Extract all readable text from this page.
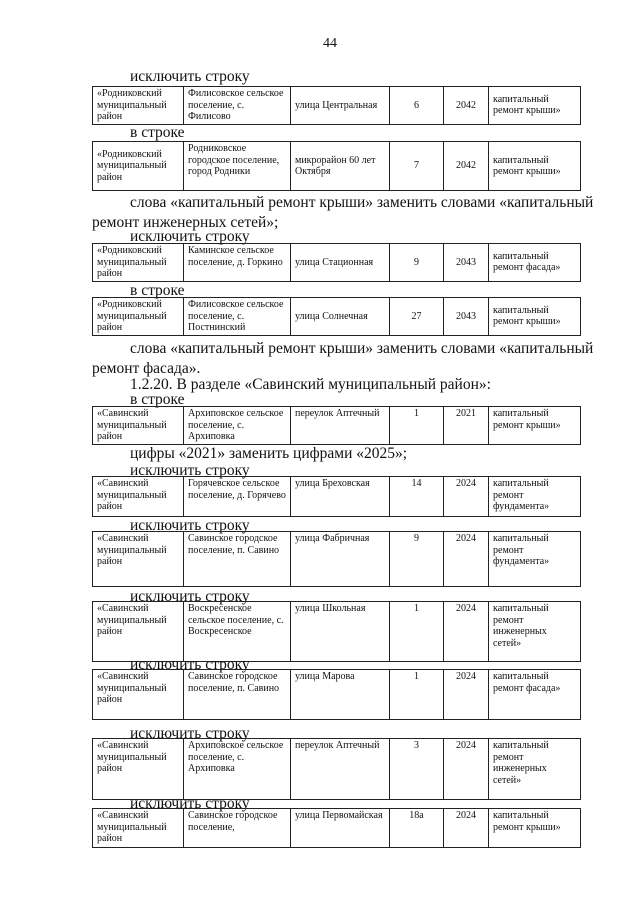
44
исключить строку
«Родниковский муниципальный район	Филисовское сельское поселение, с. Филисово	улица Центральная	6	2042	капитальный ремонт крыши»
в строке
«Родниковский муниципальный район	Родниковское городское поселение, город Родники	микрорайон 60 лет Октября	7	2042	капитальный ремонт крыши»
слова «капитальный ремонт крыши» заменить словами «капитальный
ремонт инженерных сетей»;
исключить строку
«Родниковский муниципальный район	Каминское сельское поселение, д. Горкино	улица Стационная	9	2043	капитальный ремонт фасада»
в строке
«Родниковский муниципальный район	Филисовское сельское поселение, с. Постнинский	улица Солнечная	27	2043	капитальный ремонт крыши»
слова «капитальный ремонт крыши» заменить словами «капитальный
ремонт фасада».
1.2.20. В разделе «Савинский муниципальный район»:
в строке
«Савинский муниципальный район	Архиповское сельское поселение, с. Архиповка	переулок Аптечный	1	2021	капитальный ремонт крыши»
цифры «2021» заменить цифрами «2025»;
исключить строку
«Савинский муниципальный район	Горячевское сельское поселение, д. Горячево	улица Бреховская	14	2024	капитальный ремонт фундамента»
исключить строку
«Савинский муниципальный район	Савинское городское поселение, п. Савино	улица Фабричная	9	2024	капитальный ремонт фундамента»
исключить строку
«Савинский муниципальный район	Воскресенское сельское поселение, с. Воскресенское	улица Школьная	1	2024	капитальный ремонт инженерных сетей»
исключить строку
«Савинский муниципальный район	Савинское городское поселение, п. Савино	улица Марова	1	2024	капитальный ремонт фасада»
исключить строку
«Савинский муниципальный район	Архиповское сельское поселение, с. Архиповка	переулок Аптечный	3	2024	капитальный ремонт инженерных сетей»
исключить строку
«Савинский муниципальный район	Савинское городское поселение,	улица Первомайская	18а	2024	капитальный ремонт крыши»
